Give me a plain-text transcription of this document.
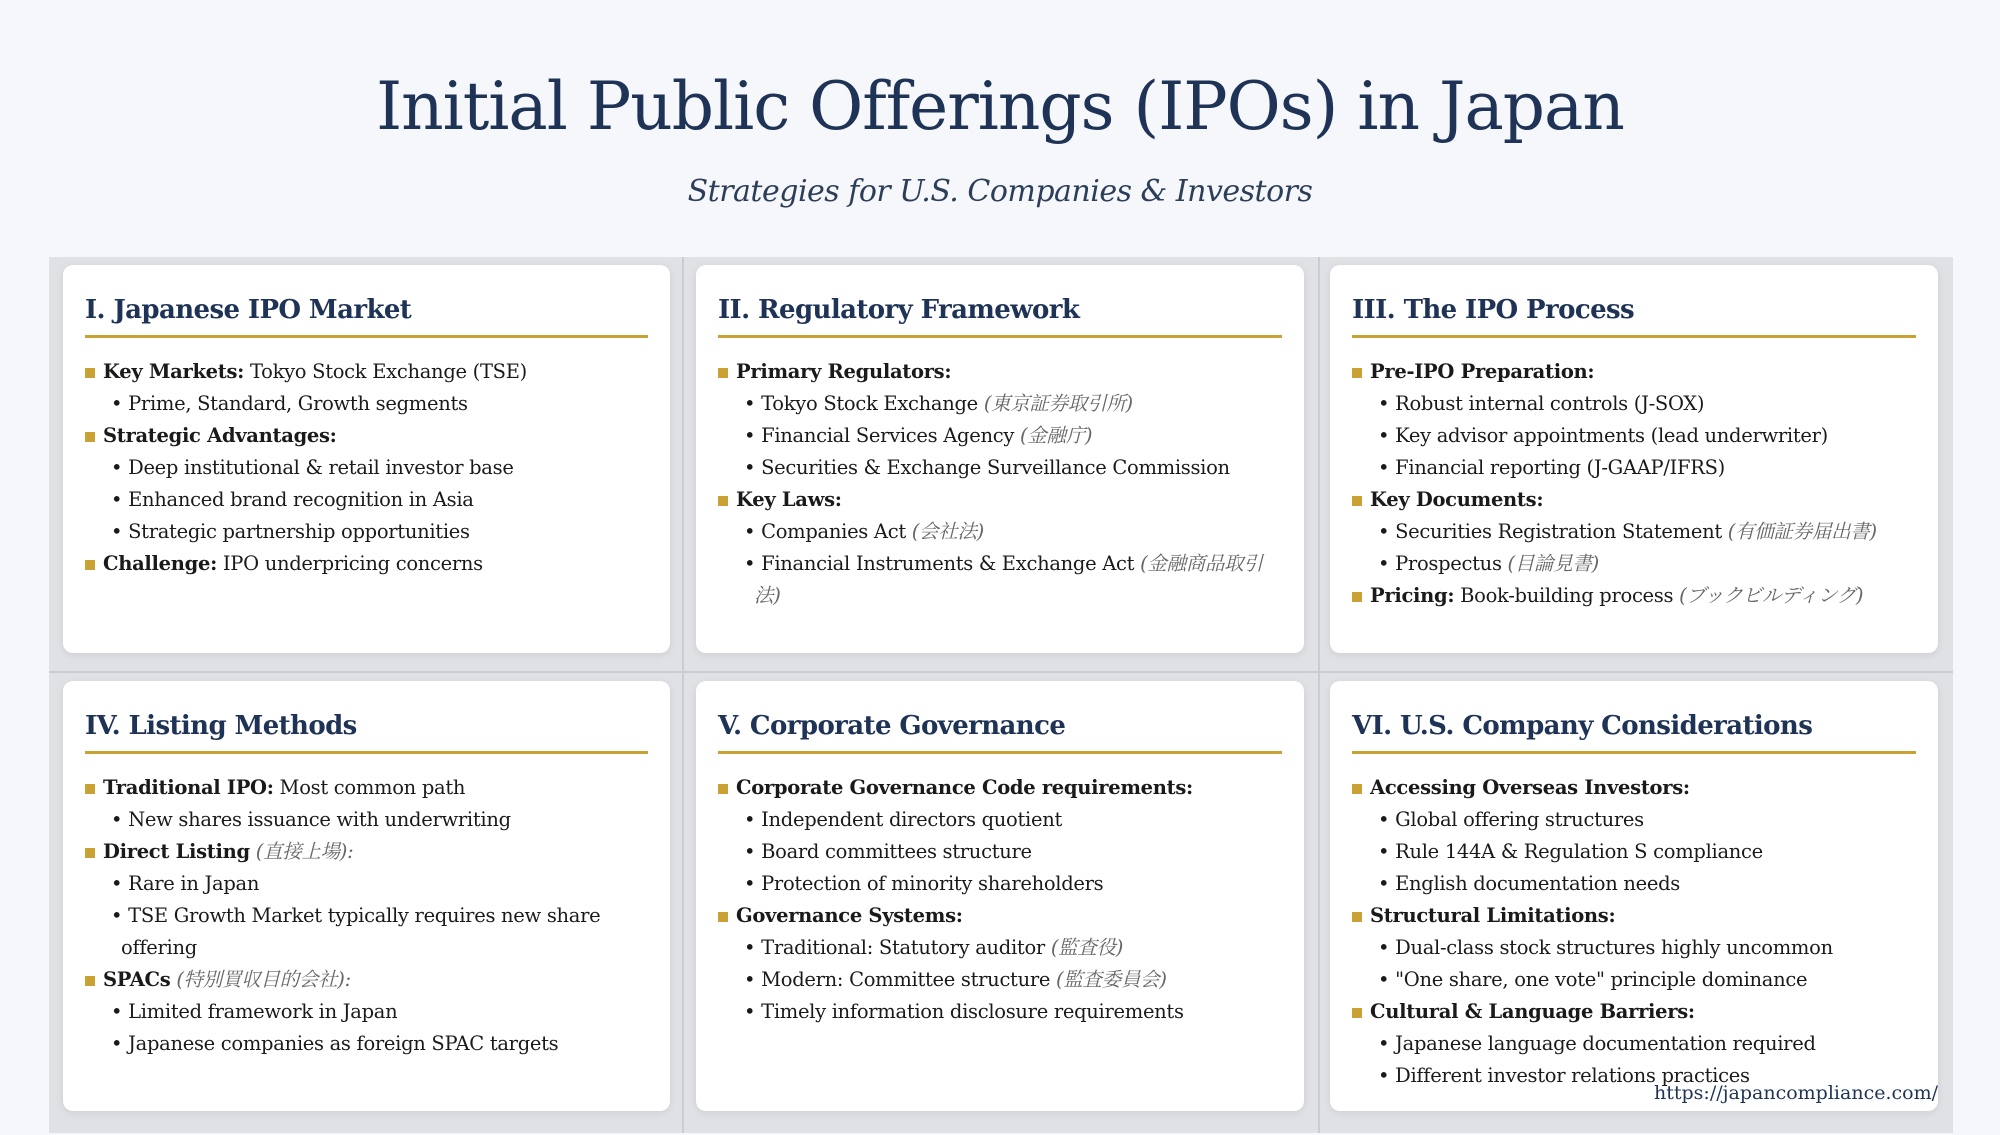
Initial Public Offerings (IPOs) in Japan
Strategies for U.S. Companies & Investors
I. Japanese IPO Market
Key Markets: Tokyo Stock Exchange (TSE)
• Prime, Standard, Growth segments
Strategic Advantages:
• Deep institutional & retail investor base
• Enhanced brand recognition in Asia
• Strategic partnership opportunities
Challenge: IPO underpricing concerns
II. Regulatory Framework
Primary Regulators:
• Tokyo Stock Exchange (東京証券取引所)
• Financial Services Agency (金融庁)
• Securities & Exchange Surveillance Commission
Key Laws:
• Companies Act (会社法)
• Financial Instruments & Exchange Act (金融商品取引法)
III. The IPO Process
Pre-IPO Preparation:
• Robust internal controls (J-SOX)
• Key advisor appointments (lead underwriter)
• Financial reporting (J-GAAP/IFRS)
Key Documents:
• Securities Registration Statement (有価証券届出書)
• Prospectus (目論見書)
Pricing: Book-building process (ブックビルディング)
IV. Listing Methods
Traditional IPO: Most common path
• New shares issuance with underwriting
Direct Listing (直接上場):
• Rare in Japan
• TSE Growth Market typically requires new share offering
SPACs (特別買収目的会社):
• Limited framework in Japan
• Japanese companies as foreign SPAC targets
V. Corporate Governance
Corporate Governance Code requirements:
• Independent directors quotient
• Board committees structure
• Protection of minority shareholders
Governance Systems:
• Traditional: Statutory auditor (監査役)
• Modern: Committee structure (監査委員会)
• Timely information disclosure requirements
VI. U.S. Company Considerations
Accessing Overseas Investors:
• Global offering structures
• Rule 144A & Regulation S compliance
• English documentation needs
Structural Limitations:
• Dual-class stock structures highly uncommon
• "One share, one vote" principle dominance
Cultural & Language Barriers:
• Japanese language documentation required
• Different investor relations practices
https://japancompliance.com/
